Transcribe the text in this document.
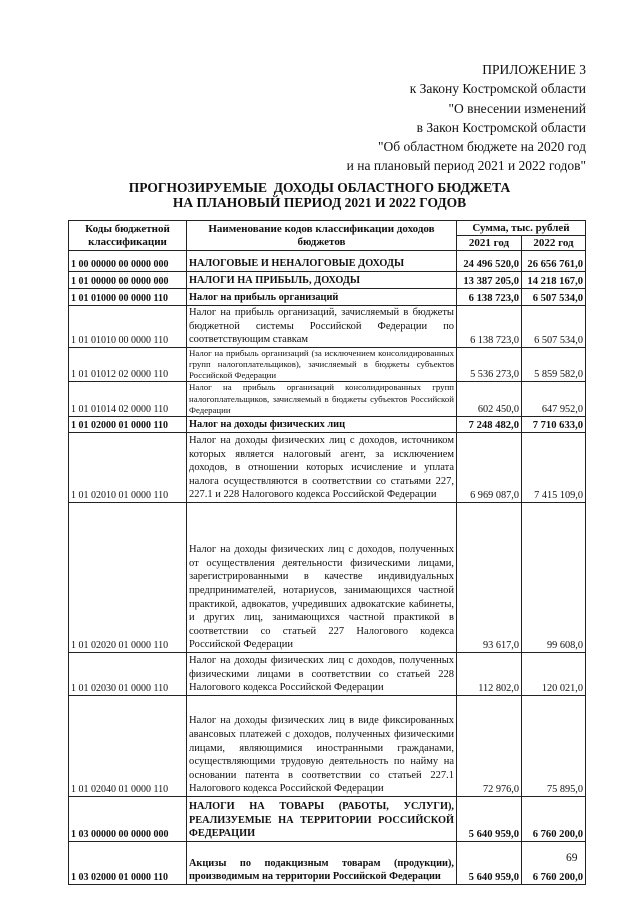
ПРИЛОЖЕНИЕ 3
к Закону Костромской области
"О внесении изменений
в Закон Костромской области
"Об областном бюджете на 2020 год
и на плановый период 2021 и 2022 годов"
ПРОГНОЗИРУЕМЫЕ  ДОХОДЫ ОБЛАСТНОГО БЮДЖЕТА
НА ПЛАНОВЫЙ ПЕРИОД 2021 И 2022 ГОДОВ
Коды бюджетной классификации	Наименование кодов классификации доходов бюджетов	Сумма, тыс. рублей	
		2021 год	2022 год
1 00 00000 00 0000 000	НАЛОГОВЫЕ И НЕНАЛОГОВЫЕ ДОХОДЫ	24 496 520,0	26 656 761,0
1 01 00000 00 0000 000	НАЛОГИ НА ПРИБЫЛЬ, ДОХОДЫ	13 387 205,0	14 218 167,0
1 01 01000 00 0000 110	Налог на прибыль организаций	6 138 723,0	6 507 534,0
1 01 01010 00 0000 110	Налог на прибыль организаций, зачисляемый в бюджеты бюджетной системы Российской Федерации по соответствующим ставкам	6 138 723,0	6 507 534,0
1 01 01012 02 0000 110	Налог на прибыль организаций (за исключением консолидированных групп налогоплательщиков), зачисляемый в бюджеты субъектов Российской Федерации	5 536 273,0	5 859 582,0
1 01 01014 02 0000 110	Налог на прибыль организаций консолидированных групп налогоплательщиков, зачисляемый в бюджеты субъектов Российской Федерации	602 450,0	647 952,0
1 01 02000 01 0000 110	Налог на доходы физических лиц	7 248 482,0	7 710 633,0
1 01 02010 01 0000 110	Налог на доходы физических лиц с доходов, источником которых является налоговый агент, за исключением доходов, в отношении которых исчисление и уплата налога осуществляются в соответствии со статьями 227, 227.1 и 228 Налогового кодекса Российской Федерации	6 969 087,0	7 415 109,0
1 01 02020 01 0000 110	Налог на доходы физических лиц с доходов, полученных от осуществления деятельности физическими лицами, зарегистрированными в качестве индивидуальных предпринимателей, нотариусов, занимающихся частной практикой, адвокатов, учредивших адвокатские кабинеты, и других лиц, занимающихся частной практикой в соответствии со статьей 227 Налогового кодекса Российской Федерации	93 617,0	99 608,0
1 01 02030 01 0000 110	Налог на доходы физических лиц с доходов, полученных физическими лицами в соответствии со статьей 228 Налогового кодекса Российской Федерации	112 802,0	120 021,0
1 01 02040 01 0000 110	Налог на доходы физических лиц в виде фиксированных авансовых платежей с доходов, полученных физическими лицами, являющимися иностранными гражданами, осуществляющими трудовую деятельность по найму на основании патента в соответствии со статьей 227.1 Налогового кодекса Российской Федерации	72 976,0	75 895,0
1 03 00000 00 0000 000	НАЛОГИ НА ТОВАРЫ (РАБОТЫ, УСЛУГИ), РЕАЛИЗУЕМЫЕ НА ТЕРРИТОРИИ РОССИЙСКОЙ ФЕДЕРАЦИИ	5 640 959,0	6 760 200,0
1 03 02000 01 0000 110	Акцизы по подакцизным товарам (продукции), производимым на территории Российской Федерации	5 640 959,0	6 760 200,0
69
